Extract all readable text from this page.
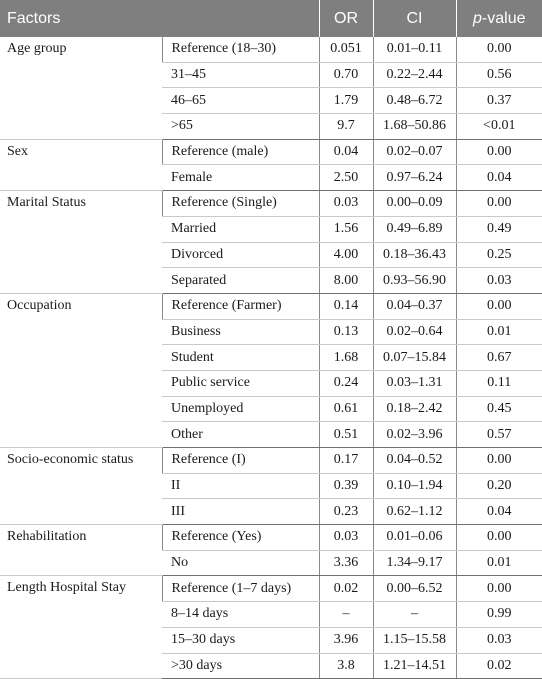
Factors		OR	CI	p-value
Age group	Reference (18–30)	0.051	0.01–0.11	0.00
	31–45	0.70	0.22–2.44	0.56
	46–65	1.79	0.48–6.72	0.37
	>65	9.7	1.68–50.86	<0.01
Sex	Reference (male)	0.04	0.02–0.07	0.00
	Female	2.50	0.97–6.24	0.04
Marital Status	Reference (Single)	0.03	0.00–0.09	0.00
	Married	1.56	0.49–6.89	0.49
	Divorced	4.00	0.18–36.43	0.25
	Separated	8.00	0.93–56.90	0.03
Occupation	Reference (Farmer)	0.14	0.04–0.37	0.00
	Business	0.13	0.02–0.64	0.01
	Student	1.68	0.07–15.84	0.67
	Public service	0.24	0.03–1.31	0.11
	Unemployed	0.61	0.18–2.42	0.45
	Other	0.51	0.02–3.96	0.57
Socio-economic status	Reference (I)	0.17	0.04–0.52	0.00
	II	0.39	0.10–1.94	0.20
	III	0.23	0.62–1.12	0.04
Rehabilitation	Reference (Yes)	0.03	0.01–0.06	0.00
	No	3.36	1.34–9.17	0.01
Length Hospital Stay	Reference (1–7 days)	0.02	0.00–6.52	0.00
	8–14 days	–	–	0.99
	15–30 days	3.96	1.15–15.58	0.03
	>30 days	3.8	1.21–14.51	0.02
